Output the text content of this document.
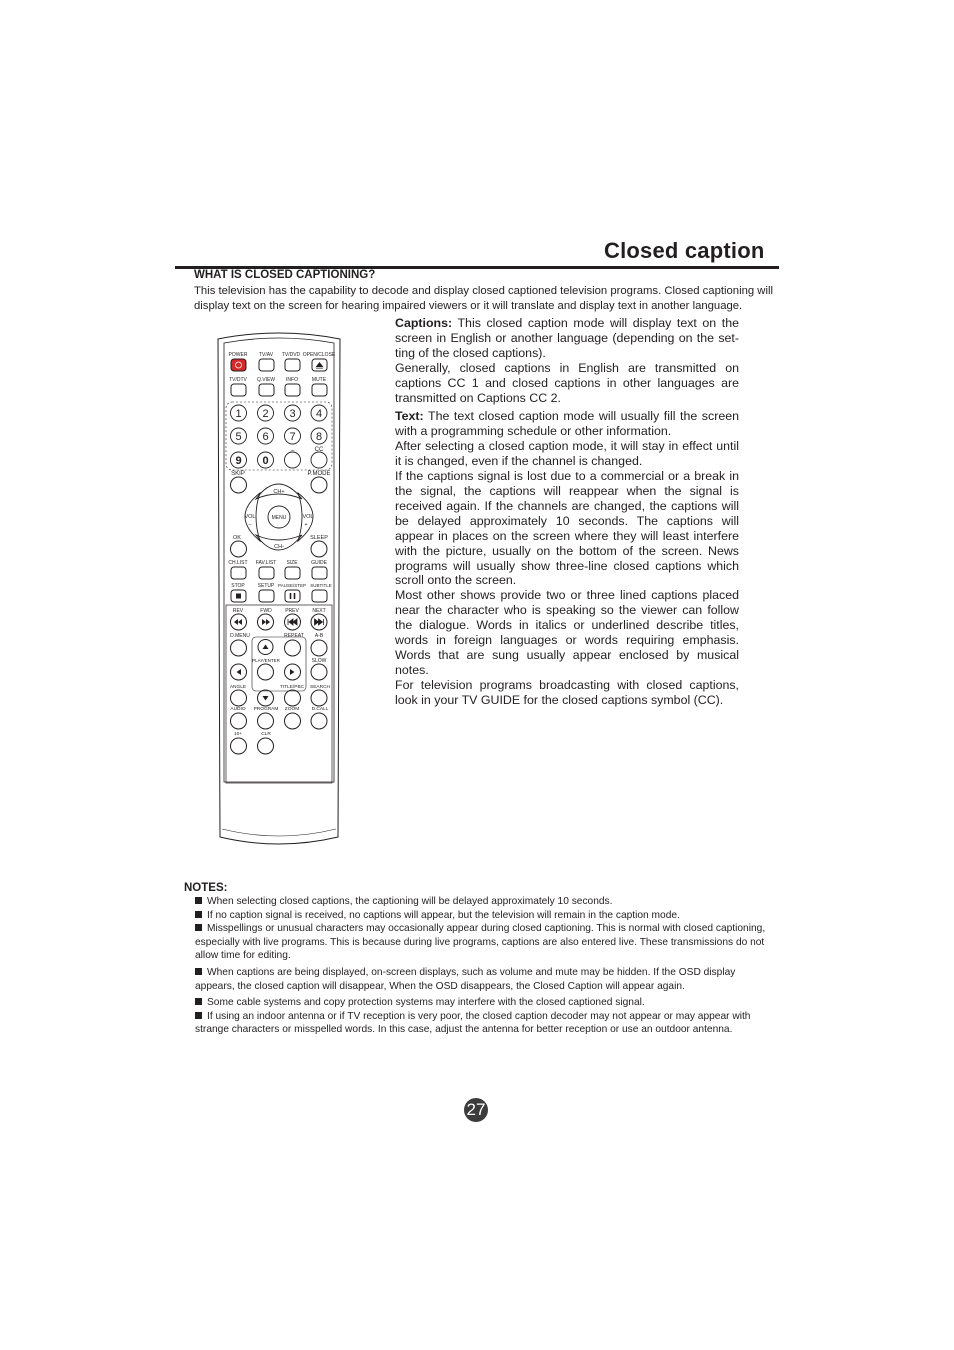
Closed caption
WHAT IS CLOSED CAPTIONING?
This television has the capability to decode and display closed captioned television programs. Closed captioning will display text on the screen for hearing impaired viewers or it will translate and display text in another language.

Captions: This closed caption mode will display text on the screen in English or another language (depending on the set-ting of the closed captions).

Generally, closed captions in English are transmitted on captions CC 1 and closed captions in other languages are transmitted on Captions CC 2.

Text: The text closed caption mode will usually fill the screen with a programming schedule or other information.

After selecting a closed caption mode, it will stay in effect until it is changed, even if the channel is changed.

If the captions signal is lost due to a commercial or a break in the signal, the captions will reappear when the signal is received again. If the channels are changed, the captions will be delayed approximately 10 seconds. The captions will appear in places on the screen where they will least interfere with the picture, usually on the bottom of the screen. News programs will usually show three-line closed captions which scroll onto the screen.

Most other shows provide two or three lined captions placed near the character who is speaking so the viewer can follow the dialogue. Words in italics or underlined describe titles, words in foreign languages or words requiring emphasis. Words that are sung usually appear enclosed by musical notes.

For television programs broadcasting with closed captions, look in your TV GUIDE for the closed captions symbol (CC).

POWER TV/AV TV/DVD OPEN/CLOSE
TV/DTV Q.VIEW INFO	MUTE
1 2 3 4
5 6 7 8
9 0
–	CC
SKIP	P.MODE
CH+
CH-
VOL
–
VOL
+
MENU
OK	SLEEP
CH.LIST FAV.LIST SIZE	GUIDE
STOP	SETUP PAUSE/STEP SUBTITLE
REV	FWD	PREV	NEXT
D.MENU	REPEAT A-B
PLAY/ENTER	SLOW
ANGLE	TITLE/PBC SEARCH
AUDIO PROGRAM ZOOM	D.CALL
10+	CLR
NOTES:

When selecting closed captions, the captioning will be delayed approximately 10 seconds.

If no caption signal is received, no captions will appear, but the television will remain in the caption mode.

Misspellings or unusual characters may occasionally appear during closed captioning. This is normal with closed captioning, especially with live programs. This is because during live programs, captions are also entered live. These transmissions do not allow time for editing.

When captions are being displayed, on-screen displays, such as volume and mute may be hidden. If the OSD display appears, the closed caption will disappear, When the OSD disappears, the Closed Caption will appear again.

Some cable systems and copy protection systems may interfere with the closed captioned signal.

If using an indoor antenna or if TV reception is very poor, the closed caption decoder may not appear or may appear with strange characters or misspelled words. In this case, adjust the antenna for better reception or use an outdoor antenna.

27
